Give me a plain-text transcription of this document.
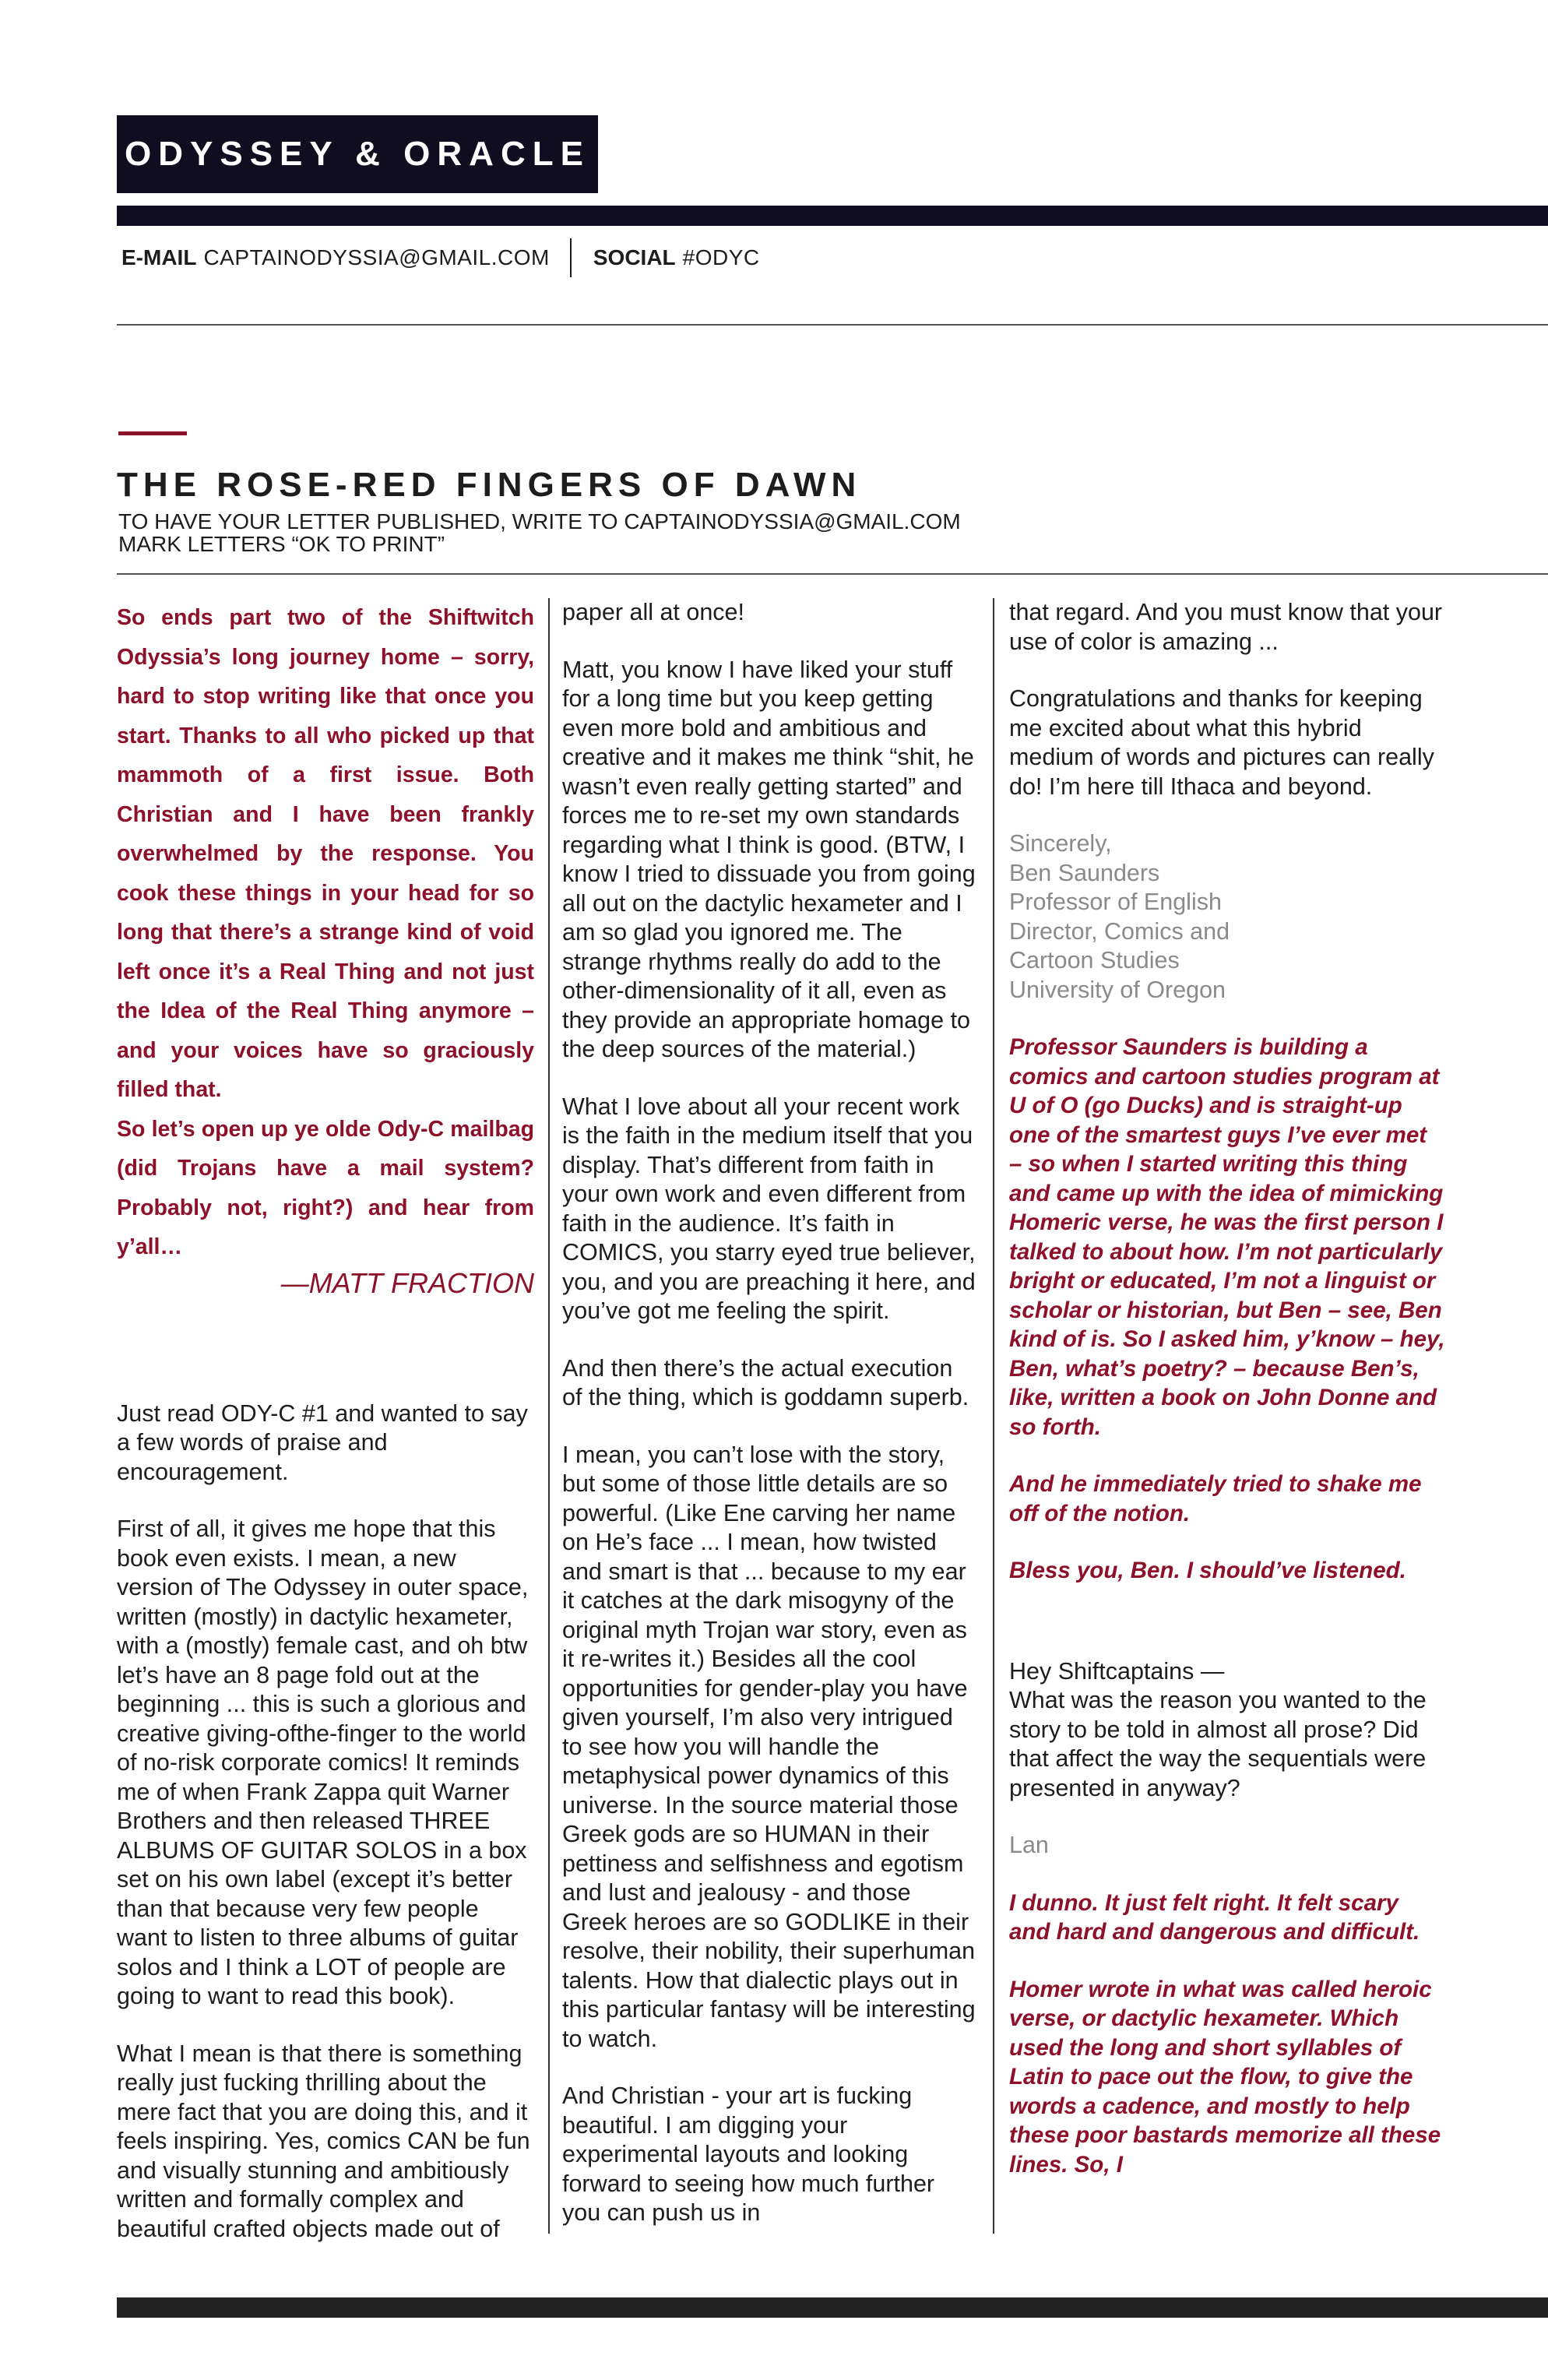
ODYSSEY & ORACLE
E-MAIL CAPTAINODYSSIA@GMAIL.COM SOCIAL #ODYC
THE ROSE-RED FINGERS OF DAWN
TO HAVE YOUR LETTER PUBLISHED, WRITE TO CAPTAINODYSSIA@GMAIL.COM
MARK LETTERS “OK TO PRINT”

So ends part two of the Shiftwitch Odyssia’s long journey home – sorry, hard to stop writing like that once you start. Thanks to all who picked up that mammoth of a first issue. Both Christian and I have been frankly overwhelmed by the response. You cook these things in your head for so long that there’s a strange kind of void left once it’s a Real Thing and not just the Idea of the Real Thing anymore – and your voices have so graciously filled that.

So let’s open up ye olde Ody-C mailbag (did Trojans have a mail system? Probably not, right?) and hear from y’all…

—MATT FRACTION

Just read ODY-C #1 and wanted to say a few words of praise and encouragement.

First of all, it gives me hope that this book even exists. I mean, a new version of The Odyssey in outer space, written (mostly) in dactylic hexameter, with a (mostly) female cast, and oh btw let’s have an 8 page fold out at the beginning ... this is such a glorious and creative giving-ofthe-finger to the world of no-risk corporate comics! It reminds me of when Frank Zappa quit Warner Brothers and then released THREE ALBUMS OF GUITAR SOLOS in a box set on his own label (except it’s better than that because very few people want to listen to three albums of guitar solos and I think a LOT of people are going to want to read this book).

What I mean is that there is something really just fucking thrilling about the mere fact that you are doing this, and it feels inspiring. Yes, comics CAN be fun and visually stunning and ambitiously written and formally complex and beautiful crafted objects made out of

paper all at once!

Matt, you know I have liked your stuff for a long time but you keep getting even more bold and ambitious and creative and it makes me think “shit, he wasn’t even really getting started” and forces me to re-set my own standards regarding what I think is good. (BTW, I know I tried to dissuade you from going all out on the dactylic hexameter and I am so glad you ignored me. The strange rhythms really do add to the other-dimensionality of it all, even as they provide an appropriate homage to the deep sources of the material.)

What I love about all your recent work is the faith in the medium itself that you display. That’s different from faith in your own work and even different from faith in the audience. It’s faith in COMICS, you starry eyed true believer, you, and you are preaching it here, and you’ve got me feeling the spirit.

And then there’s the actual execution of the thing, which is goddamn superb.

I mean, you can’t lose with the story, but some of those little details are so powerful. (Like Ene carving her name on He’s face ... I mean, how twisted and smart is that ... because to my ear it catches at the dark misogyny of the original myth Trojan war story, even as it re-writes it.) Besides all the cool opportunities for gender-play you have given yourself, I’m also very intrigued to see how you will handle the metaphysical power dynamics of this universe. In the source material those Greek gods are so HUMAN in their pettiness and selfishness and egotism and lust and jealousy - and those Greek heroes are so GODLIKE in their resolve, their nobility, their superhuman talents. How that dialectic plays out in this particular fantasy will be interesting to watch.

And Christian - your art is fucking beautiful. I am digging your experimental layouts and looking forward to seeing how much further you can push us in

that regard. And you must know that your use of color is amazing ...

Congratulations and thanks for keeping me excited about what this hybrid medium of words and pictures can really do! I’m here till Ithaca and beyond.

Sincerely,
Ben Saunders
Professor of English
Director, Comics and
Cartoon Studies
University of Oregon

Professor Saunders is building a comics and cartoon studies program at U of O (go Ducks) and is straight-up one of the smartest guys I’ve ever met – so when I started writing this thing and came up with the idea of mimicking Homeric verse, he was the first person I talked to about how. I’m not particularly bright or educated, I’m not a linguist or scholar or historian, but Ben – see, Ben kind of is. So I asked him, y’know – hey, Ben, what’s poetry? – because Ben’s, like, written a book on John Donne and so forth.

And he immediately tried to shake me off of the notion.

Bless you, Ben. I should’ve listened.

Hey Shiftcaptains —

What was the reason you wanted to the story to be told in almost all prose? Did that affect the way the sequentials were presented in anyway?

Lan

I dunno. It just felt right. It felt scary and hard and dangerous and difficult.

Homer wrote in what was called heroic verse, or dactylic hexameter. Which used the long and short syllables of Latin to pace out the flow, to give the words a cadence, and mostly to help these poor bastards memorize all these lines. So, I
